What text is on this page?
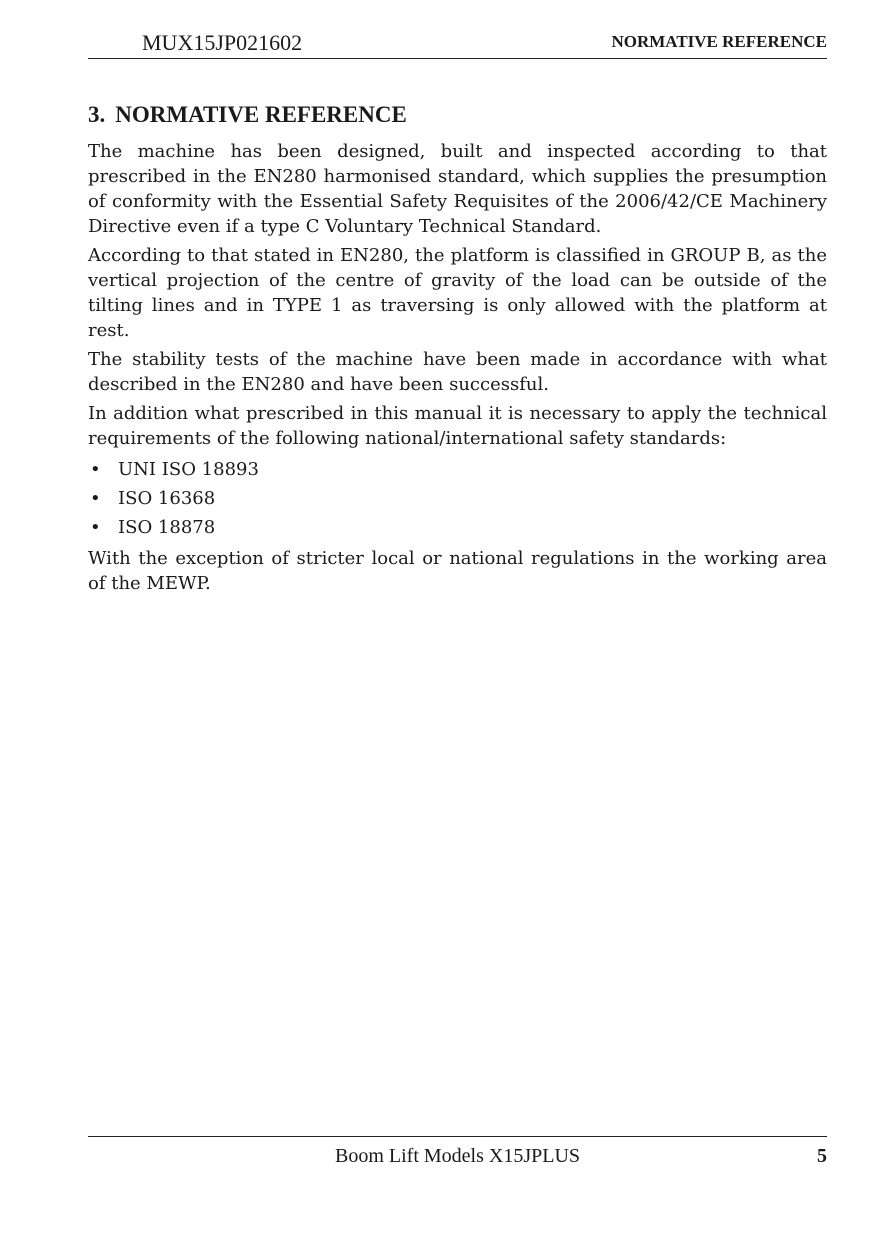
MUX15JP021602	NORMATIVE REFERENCE
3. NORMATIVE REFERENCE

The machine has been designed, built and inspected according to that prescribed in the EN280 harmonised standard, which supplies the presumption of conformity with the Essential Safety Requisites of the 2006/42/CE Machinery Directive even if a type C Voluntary Technical Standard.

According to that stated in EN280, the platform is classified in GROUP B, as the vertical projection of the centre of gravity of the load can be outside of the tilting lines and in TYPE 1 as traversing is only allowed with the platform at rest.

The stability tests of the machine have been made in accordance with what described in the EN280 and have been successful.

In addition what prescribed in this manual it is necessary to apply the technical requirements of the following national/international safety standards:

• UNI ISO 18893
• ISO 16368
• ISO 18878

With the exception of stricter local or national regulations in the working area of the MEWP.

Boom Lift Models X15JPLUS	5
